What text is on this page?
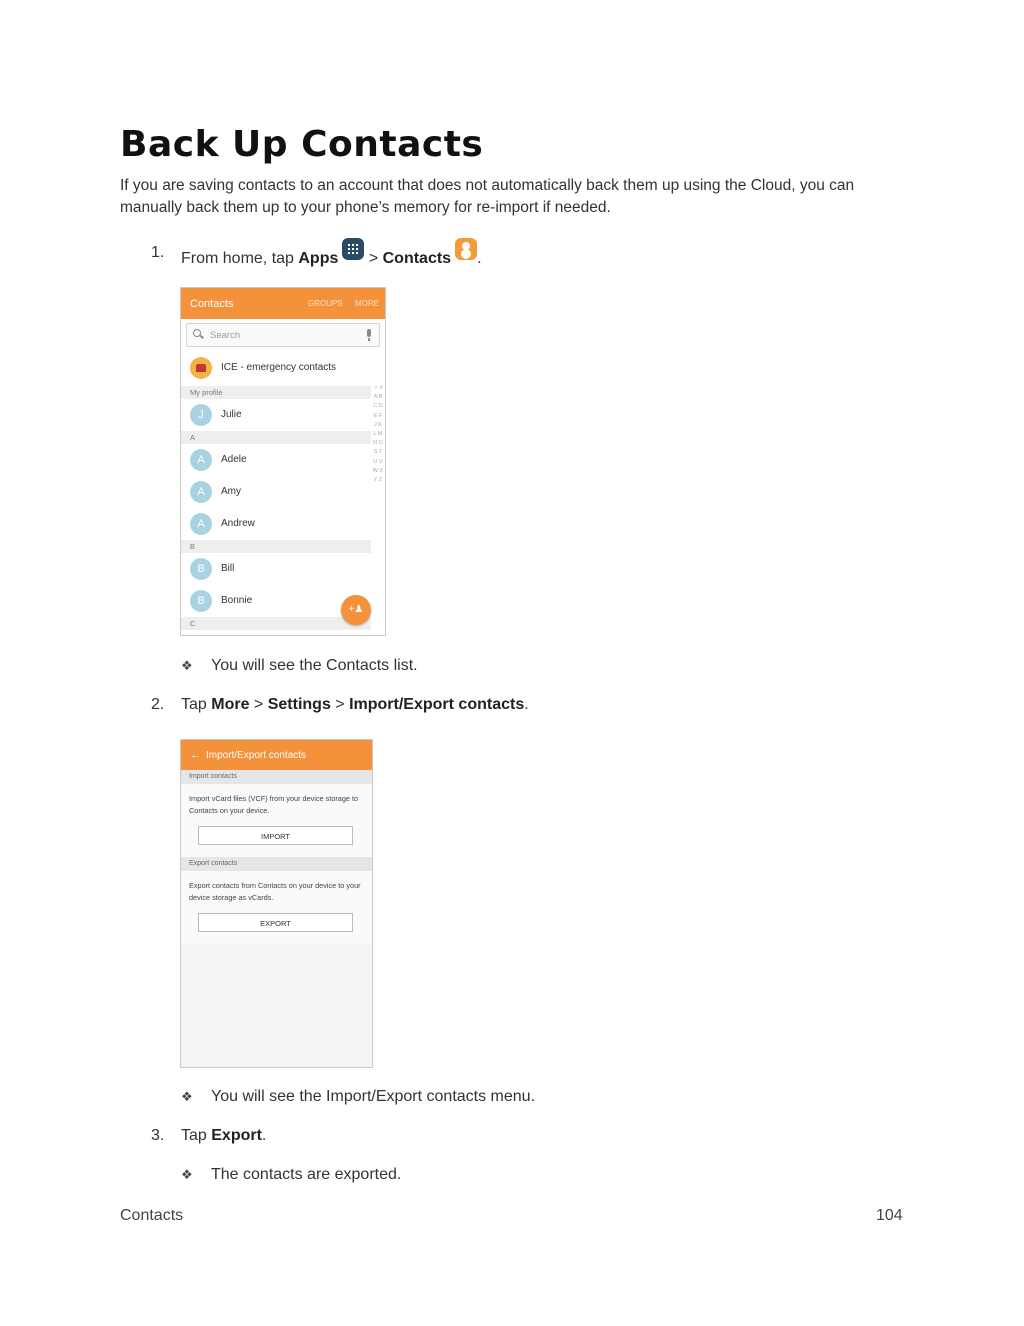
Back Up Contacts
If you are saving contacts to an account that does not automatically back them up using the Cloud, you can manually back them up to your phone’s memory for re-import if needed.
1. From home, tap Apps > Contacts .
Contacts	GROUPS MORE
Search
ICE - emergency contacts
My profile
J	Julie
A
A	Adele
A	Amy
A	Andrew
B
B	Bill
B	Bonnie
C
☆ # A B C D E F J K L M N O S T U V W X Y Z
+♟
❖ You will see the Contacts list.
2. Tap More > Settings > Import/Export contacts.
← Import/Export contacts
Import contacts
Import vCard files (VCF) from your device storage to Contacts on your device.
IMPORT
Export contacts
Export contacts from Contacts on your device to your device storage as vCards.
EXPORT
❖ You will see the Import/Export contacts menu.
3. Tap Export.
❖ The contacts are exported.
Contacts	104
